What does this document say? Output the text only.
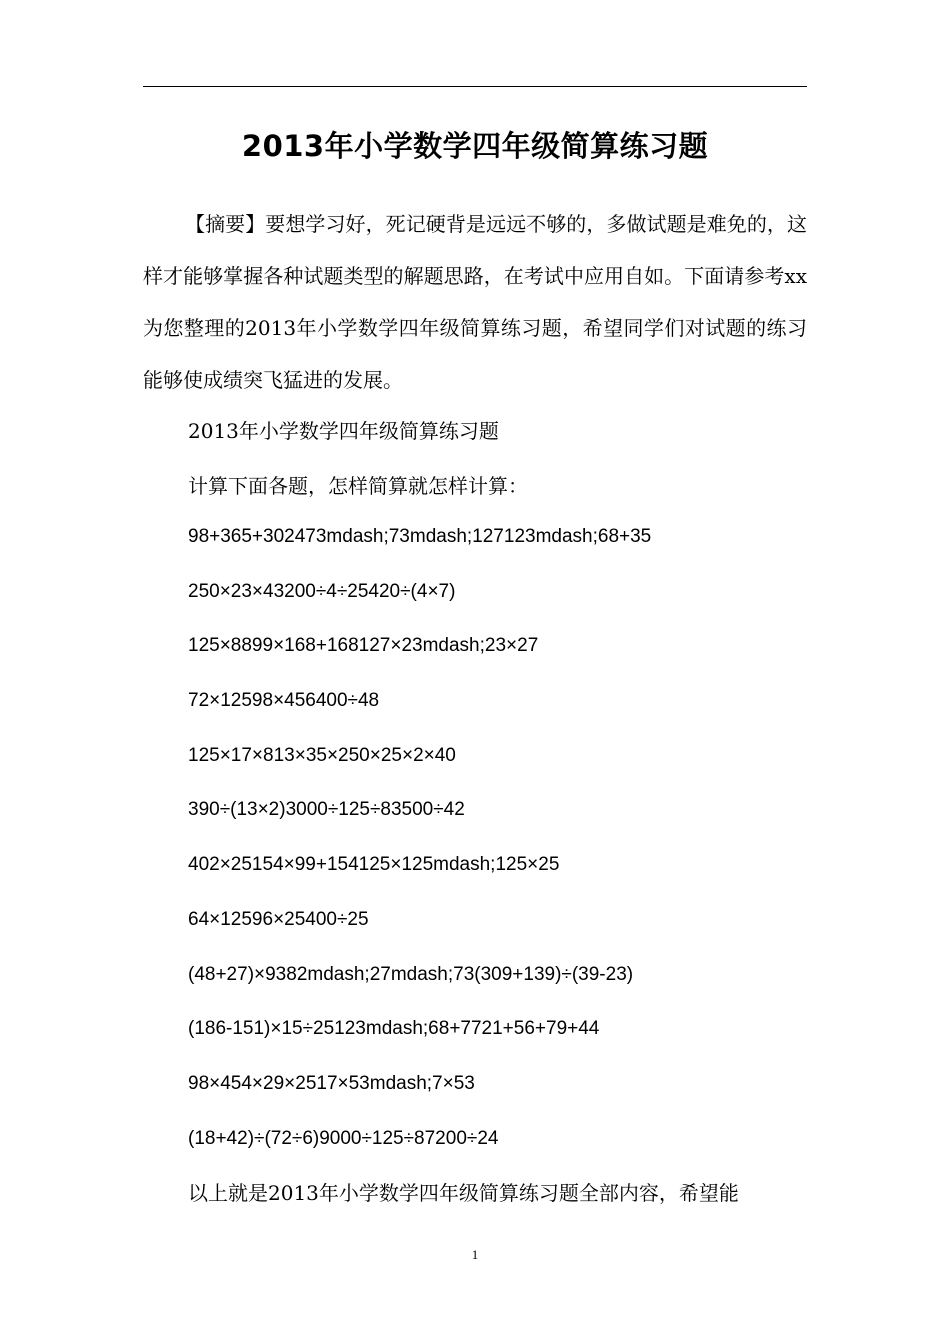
2013年小学数学四年级简算练习题

【摘要】要想学习好，死记硬背是远远不够的，多做试题是难免的，这样才能够掌握各种试题类型的解题思路，在考试中应用自如。下面请参考xx为您整理的2013年小学数学四年级简算练习题，希望同学们对试题的练习能够使成绩突飞猛进的发展。

2013年小学数学四年级简算练习题

计算下面各题，怎样简算就怎样计算：

98+365+302473mdash;73mdash;127123mdash;68+35
250×23×43200÷4÷25420÷(4×7)
125×8899×168+168127×23mdash;23×27
72×12598×456400÷48
125×17×813×35×250×25×2×40
390÷(13×2)3000÷125÷83500÷42
402×25154×99+154125×125mdash;125×25
64×12596×25400÷25
(48+27)×9382mdash;27mdash;73(309+139)÷(39-23)
(186-151)×15÷25123mdash;68+7721+56+79+44
98×454×29×2517×53mdash;7×53
(18+42)÷(72÷6)9000÷125÷87200÷24

以上就是2013年小学数学四年级简算练习题全部内容，希望能

1
